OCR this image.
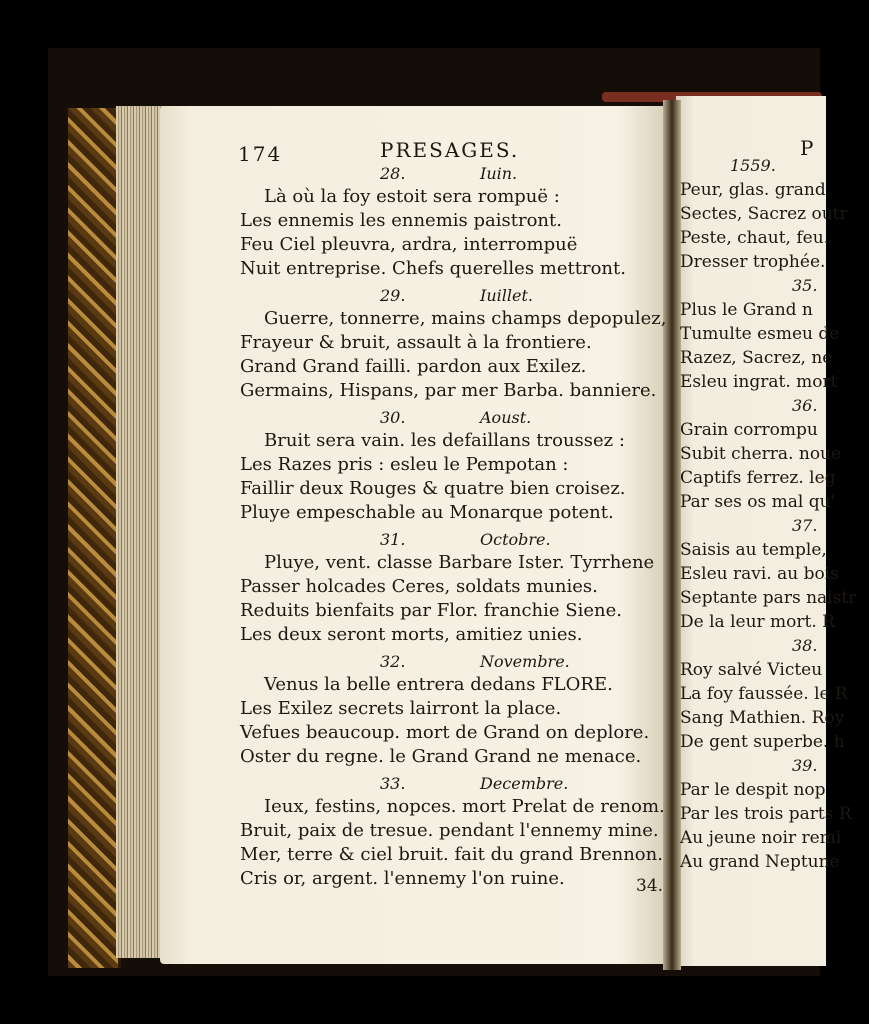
174	PRESAGES.
34.
28.	Iuin.
Là où la foy estoit sera rompuë :
Les ennemis les ennemis paistront.
Feu Ciel pleuvra, ardra, interrompuë
Nuit entreprise. Chefs querelles mettront.
29.	Iuillet.
Guerre, tonnerre, mains champs depopulez,
Frayeur & bruit, assault à la frontiere.
Grand Grand failli. pardon aux Exilez.
Germains, Hispans, par mer Barba. banniere.
30.	Aoust.
Bruit sera vain. les defaillans troussez :
Les Razes pris : esleu le Pempotan :
Faillir deux Rouges & quatre bien croisez.
Pluye empeschable au Monarque potent.
31.	Octobre.
Pluye, vent. classe Barbare Ister. Tyrrhene
Passer holcades Ceres, soldats munies.
Reduits bienfaits par Flor. franchie Siene.
Les deux seront morts, amitiez unies.
32.	Novembre.
Venus la belle entrera dedans FLORE.
Les Exilez secrets lairront la place.
Vefues beaucoup. mort de Grand on deplore.
Oster du regne. le Grand Grand ne menace.
33.	Decembre.
Ieux, festins, nopces. mort Prelat de renom.
Bruit, paix de tresue. pendant l'ennemy mine.
Mer, terre & ciel bruit. fait du grand Brennon.
Cris or, argent. l'ennemy l'on ruine.
P
1559.
Peur, glas. grand
Sectes, Sacrez outr
Peste, chaut, feu.
Dresser trophée.
35.
Plus le Grand n
Tumulte esmeu de
Razez, Sacrez, ne
Esleu ingrat. mort
36.
Grain corrompu
Subit cherra. noue
Captifs ferrez. leg
Par ses os mal qu'
37.
Saisis au temple,
Esleu ravi. au bois
Septante pars naistr
De la leur mort. R
38.
Roy salvé Victeu
La foy faussée. le R
Sang Mathien. Roy
De gent superbe. h
39.
Par le despit nop
Par les trois parts R
Au jeune noir remi
Au grand Neptune
